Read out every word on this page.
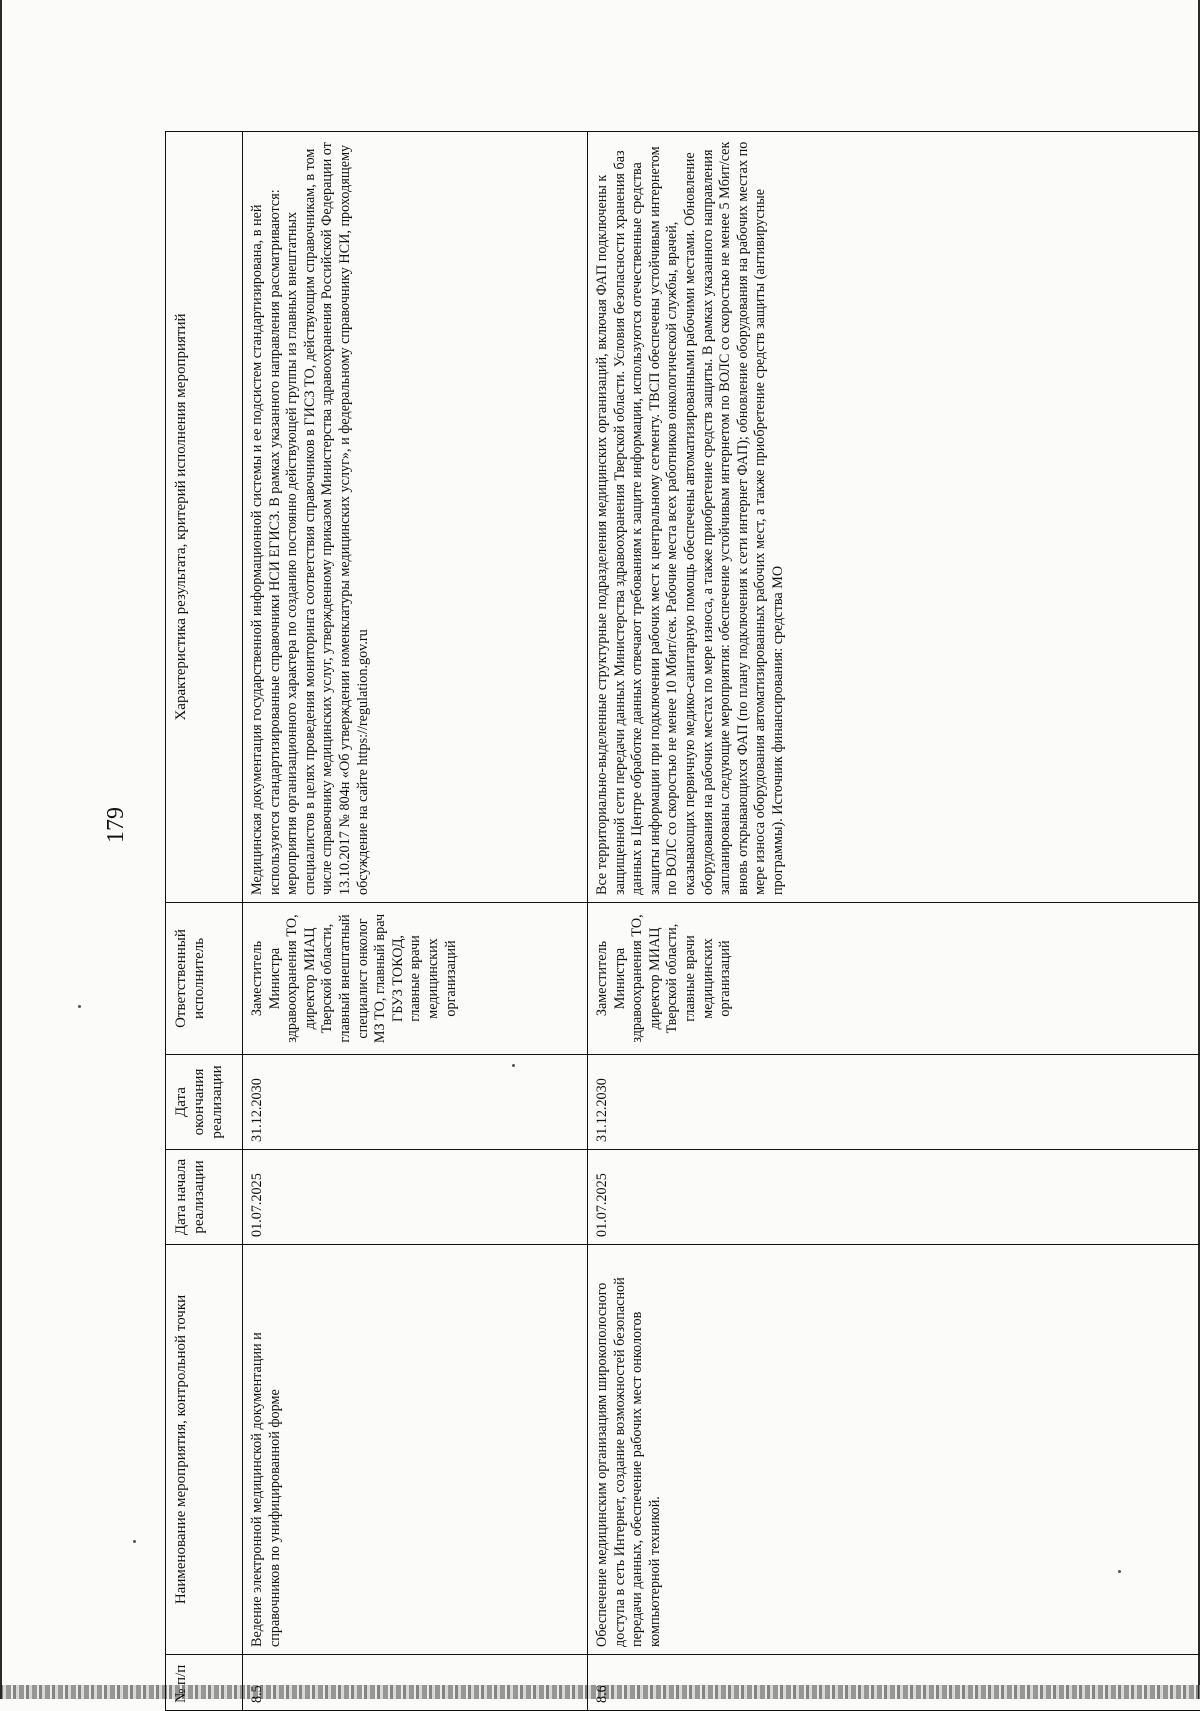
179
№ п/п	Наименование мероприятия, контрольной точки	Дата начала реализации	Дата окончания реализации	Ответственный исполнитель	Характеристика результата, критерий исполнения мероприятий
8.5	Ведение электронной медицинской документации и справочников по унифицированной форме	01.07.2025	31.12.2030	Заместитель Министра здравоохранения ТО, директор МИАЦ Тверской области, главный внештатный специалист онколог МЗ ТО, главный врач ГБУЗ ТОКОД, главные врачи медицинских организаций	Медицинская документация государственной информационной системы и ее подсистем стандартизирована, в ней используются стандартизированные справочники НСИ ЕГИСЗ. В рамках указанного направления рассматриваются: мероприятия организационного характера по созданию постоянно действующей группы из главных внештатных специалистов в целях проведения мониторинга соответствия справочников в ГИСЗ ТО, действующим справочникам, в том числе справочнику медицинских услуг, утвержденному приказом Министерства здравоохранения Российской Федерации от 13.10.2017 № 804н «Об утверждении номенклатуры медицинских услуг», и федеральному справочнику НСИ, проходящему обсуждение на сайте https://regulation.gov.ru
8.6	Обеспечение медицинским организациям широкополосного доступа в сеть Интернет, создание возможностей безопасной передачи данных, обеспечение рабочих мест онкологов компьютерной техникой.	01.07.2025	31.12.2030	Заместитель Министра здравоохранения ТО, директор МИАЦ Тверской области, главные врачи медицинских организаций	Все территориально-выделенные структурные подразделения медицинских организаций, включая ФАП подключены к защищенной сети передачи данных Министерства здравоохранения Тверской области. Условия безопасности хранения баз данных в Центре обработке данных отвечают требованиям к защите информации, используются отечественные средства защиты информации при подключении рабочих мест к центральному сегменту. ТВСП обеспечены устойчивым интернетом по ВОЛС со скоростью не менее 10 Мбит/сек. Рабочие места всех работников онкологической службы, врачей, оказывающих первичную медико-санитарную помощь обеспечены автоматизированными рабочими местами. Обновление оборудования на рабочих местах по мере износа, а также приобретение средств защиты. В рамках указанного направления запланированы следующие мероприятия: обеспечение устойчивым интернетом по ВОЛС со скоростью не менее 5 Мбит/сек вновь открывающихся ФАП (по плану подключения к сети интернет ФАП); обновление оборудования на рабочих местах по мере износа оборудования автоматизированных рабочих мест, а также приобретение средств защиты (антивирусные программы). Источник финансирования: средства МО
